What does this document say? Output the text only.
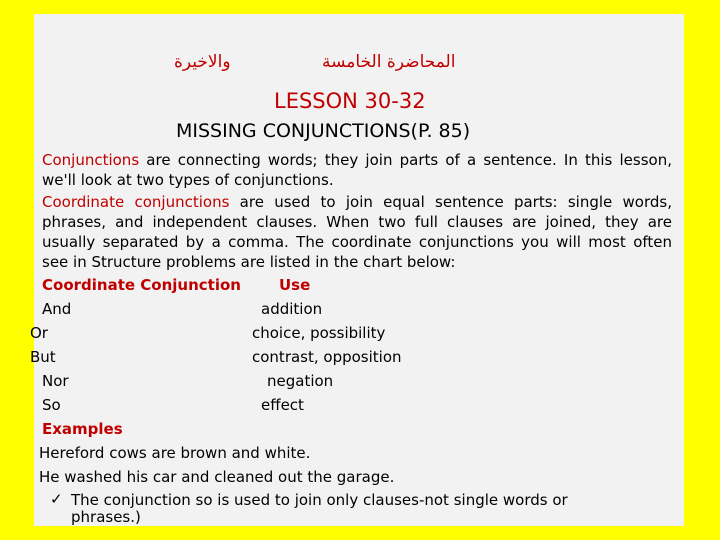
والاخيرة	المحاضرة الخامسة
LESSON 30-32
MISSING CONJUNCTIONS(P. 85)
Conjunctions are connecting words; they join parts of a sentence. In this lesson, we'll look at two types of conjunctions.
Coordinate conjunctions are used to join equal sentence parts: single words, phrases, and independent clauses. When two full clauses are joined, they are usually separated by a comma. The coordinate conjunctions you will most often see in Structure problems are listed in the chart below:
Coordinate Conjunction	Use
And	addition
Or	choice, possibility
But	contrast, opposition
Nor	negation
So	effect
Examples
Hereford cows are brown and white.
He washed his car and cleaned out the garage.
✓ The conjunction so is used to join only clauses-not single words or phrases.)
